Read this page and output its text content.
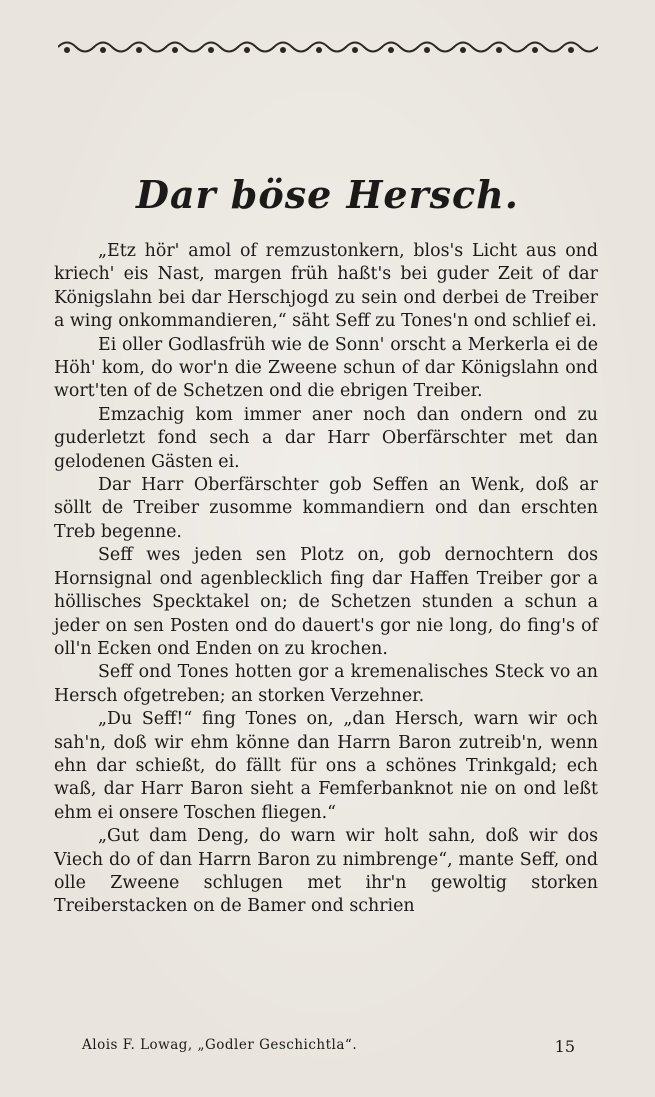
Dar böse Hersch.

„Etz hör' amol of remzustonkern, blos's Licht aus ond kriech' eis Nast, margen früh haßt's bei guder Zeit of dar Königslahn bei dar Herschjogd zu sein ond derbei de Treiber a wing onkommandieren,“ säht Seff zu Tones'n ond schlief ei.

Ei oller Godlasfrüh wie de Sonn' orscht a Merkerla ei de Höh' kom, do wor'n die Zweene schun of dar Königslahn ond wort'ten of de Schetzen ond die ebrigen Treiber.

Emzachig kom immer aner noch dan ondern ond zu guderletzt fond sech a dar Harr Oberfärschter met dan gelodenen Gästen ei.

Dar Harr Oberfärschter gob Seffen an Wenk, doß ar söllt de Treiber zusomme kommandiern ond dan erschten Treb begenne.

Seff wes jeden sen Plotz on, gob dernochtern dos Hornsignal ond agenblecklich fing dar Haffen Treiber gor a höllisches Specktakel on; de Schetzen stunden a schun a jeder on sen Posten ond do dauert's gor nie long, do fing's of oll'n Ecken ond Enden on zu krochen.

Seff ond Tones hotten gor a kremenalisches Steck vo an Hersch ofgetreben; an storken Verzehner.

„Du Seff!“ fing Tones on, „dan Hersch, warn wir och sah'n, doß wir ehm könne dan Harrn Baron zutreib'n, wenn ehn dar schießt, do fällt für ons a schönes Trinkgald; ech waß, dar Harr Baron sieht a Femferbanknot nie on ond leßt ehm ei onsere Toschen fliegen.“

„Gut dam Deng, do warn wir holt sahn, doß wir dos Viech do of dan Harrn Baron zu nimbrenge“, mante Seff, ond olle Zweene schlugen met ihr'n gewoltig storken Treiberstacken on de Bamer ond schrien

Alois F. Lowag, „Godler Geschichtla“.	15
